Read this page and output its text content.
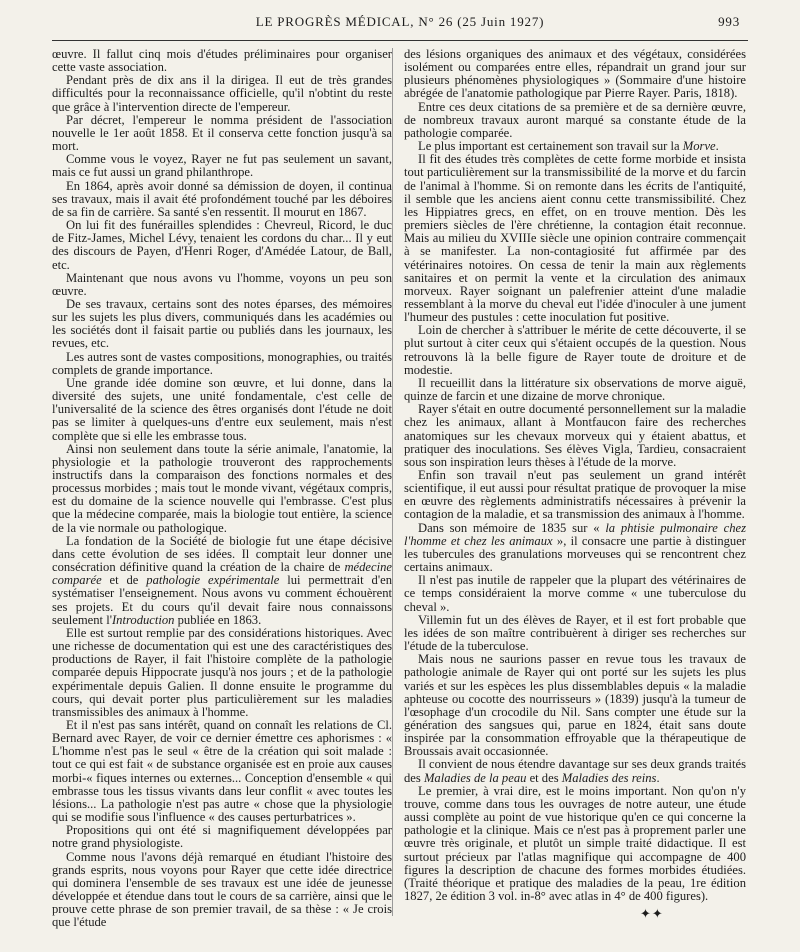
LE PROGRÈS MÉDICAL, N° 26 (25 Juin 1927)	993

œuvre. Il fallut cinq mois d'études préliminaires pour organiser cette vaste association.

Pendant près de dix ans il la dirigea. Il eut de très grandes difficultés pour la reconnaissance officielle, qu'il n'obtint du reste que grâce à l'intervention directe de l'empereur.

Par décret, l'empereur le nomma président de l'association nouvelle le 1er août 1858. Et il conserva cette fonction jusqu'à sa mort.

Comme vous le voyez, Rayer ne fut pas seulement un savant, mais ce fut aussi un grand philanthrope.

En 1864, après avoir donné sa démission de doyen, il continua ses travaux, mais il avait été profondément touché par les déboires de sa fin de carrière. Sa santé s'en ressentit. Il mourut en 1867.

On lui fit des funérailles splendides : Chevreul, Ricord, le duc de Fitz-James, Michel Lévy, tenaient les cordons du char... Il y eut des discours de Payen, d'Henri Roger, d'Amédée Latour, de Ball, etc.

Maintenant que nous avons vu l'homme, voyons un peu son œuvre.

De ses travaux, certains sont des notes éparses, des mémoires sur les sujets les plus divers, communiqués dans les académies ou les sociétés dont il faisait partie ou publiés dans les journaux, les revues, etc.

Les autres sont de vastes compositions, monographies, ou traités complets de grande importance.

Une grande idée domine son œuvre, et lui donne, dans la diversité des sujets, une unité fondamentale, c'est celle de l'universalité de la science des êtres organisés dont l'étude ne doit pas se limiter à quelques-uns d'entre eux seulement, mais n'est complète que si elle les embrasse tous.

Ainsi non seulement dans toute la série animale, l'anatomie, la physiologie et la pathologie trouveront des rapprochements instructifs dans la comparaison des fonctions normales et des processus morbides ; mais tout le monde vivant, végétaux compris, est du domaine de la science nouvelle qui l'embrasse. C'est plus que la médecine comparée, mais la biologie tout entière, la science de la vie normale ou pathologique.

La fondation de la Société de biologie fut une étape décisive dans cette évolution de ses idées. Il comptait leur donner une consécration définitive quand la création de la chaire de médecine comparée et de pathologie expérimentale lui permettrait d'en systématiser l'enseignement. Nous avons vu comment échouèrent ses projets. Et du cours qu'il devait faire nous connaissons seulement l'Introduction publiée en 1863.

Elle est surtout remplie par des considérations historiques. Avec une richesse de documentation qui est une des caractéristiques des productions de Rayer, il fait l'histoire complète de la pathologie comparée depuis Hippocrate jusqu'à nos jours ; et de la pathologie expérimentale depuis Galien. Il donne ensuite le programme du cours, qui devait porter plus particulièrement sur les maladies transmissibles des animaux à l'homme.

Et il n'est pas sans intérêt, quand on connaît les relations de Cl. Bernard avec Rayer, de voir ce dernier émettre ces aphorismes : « L'homme n'est pas le seul « être de la création qui soit malade : tout ce qui est fait « de substance organisée est en proie aux causes morbi-« fiques internes ou externes... Conception d'ensemble « qui embrasse tous les tissus vivants dans leur conflit « avec toutes les lésions... La pathologie n'est pas autre « chose que la physiologie qui se modifie sous l'influence « des causes perturbatrices ».

Propositions qui ont été si magnifiquement développées par notre grand physiologiste.

Comme nous l'avons déjà remarqué en étudiant l'histoire des grands esprits, nous voyons pour Rayer que cette idée directrice qui dominera l'ensemble de ses travaux est une idée de jeunesse développée et étendue dans tout le cours de sa carrière, ainsi que le prouve cette phrase de son premier travail, de sa thèse : « Je crois que l'étude

des lésions organiques des animaux et des végétaux, considérées isolément ou comparées entre elles, répandrait un grand jour sur plusieurs phénomènes physiologiques » (Sommaire d'une histoire abrégée de l'anatomie pathologique par Pierre Rayer. Paris, 1818).

Entre ces deux citations de sa première et de sa dernière œuvre, de nombreux travaux auront marqué sa constante étude de la pathologie comparée.

Le plus important est certainement son travail sur la Morve.

Il fit des études très complètes de cette forme morbide et insista tout particulièrement sur la transmissibilité de la morve et du farcin de l'animal à l'homme. Si on remonte dans les écrits de l'antiquité, il semble que les anciens aient connu cette transmissibilité. Chez les Hippiatres grecs, en effet, on en trouve mention. Dès les premiers siècles de l'ère chrétienne, la contagion était reconnue. Mais au milieu du XVIIIe siècle une opinion contraire commençait à se manifester. La non-contagiosité fut affirmée par des vétérinaires notoires. On cessa de tenir la main aux règlements sanitaires et on permit la vente et la circulation des animaux morveux. Rayer soignant un palefrenier atteint d'une maladie ressemblant à la morve du cheval eut l'idée d'inoculer à une jument l'humeur des pustules : cette inoculation fut positive.

Loin de chercher à s'attribuer le mérite de cette découverte, il se plut surtout à citer ceux qui s'étaient occupés de la question. Nous retrouvons là la belle figure de Rayer toute de droiture et de modestie.

Il recueillit dans la littérature six observations de morve aiguë, quinze de farcin et une dizaine de morve chronique.

Rayer s'était en outre documenté personnellement sur la maladie chez les animaux, allant à Montfaucon faire des recherches anatomiques sur les chevaux morveux qui y étaient abattus, et pratiquer des inoculations. Ses élèves Vigla, Tardieu, consacraient sous son inspiration leurs thèses à l'étude de la morve.

Enfin son travail n'eut pas seulement un grand intérêt scientifique, il eut aussi pour résultat pratique de provoquer la mise en œuvre des règlements administratifs nécessaires à prévenir la contagion de la maladie, et sa transmission des animaux à l'homme.

Dans son mémoire de 1835 sur « la phtisie pulmonaire chez l'homme et chez les animaux », il consacre une partie à distinguer les tubercules des granulations morveuses qui se rencontrent chez certains animaux.

Il n'est pas inutile de rappeler que la plupart des vétérinaires de ce temps considéraient la morve comme « une tuberculose du cheval ».

Villemin fut un des élèves de Rayer, et il est fort probable que les idées de son maître contribuèrent à diriger ses recherches sur l'étude de la tuberculose.

Mais nous ne saurions passer en revue tous les travaux de pathologie animale de Rayer qui ont porté sur les sujets les plus variés et sur les espèces les plus dissemblables depuis « la maladie aphteuse ou cocotte des nourrisseurs » (1839) jusqu'à la tumeur de l'œsophage d'un crocodile du Nil. Sans compter une étude sur la génération des sangsues qui, parue en 1824, était sans doute inspirée par la consommation effroyable que la thérapeutique de Broussais avait occasionnée.

Il convient de nous étendre davantage sur ses deux grands traités des Maladies de la peau et des Maladies des reins.

Le premier, à vrai dire, est le moins important. Non qu'on n'y trouve, comme dans tous les ouvrages de notre auteur, une étude aussi complète au point de vue historique qu'en ce qui concerne la pathologie et la clinique. Mais ce n'est pas à proprement parler une œuvre très originale, et plutôt un simple traité didactique. Il est surtout précieux par l'atlas magnifique qui accompagne de 400 figures la description de chacune des formes morbides étudiées. (Traité théorique et pratique des maladies de la peau, 1re édition 1827, 2e édition 3 vol. in-8° avec atlas in 4° de 400 figures).

✦✦
